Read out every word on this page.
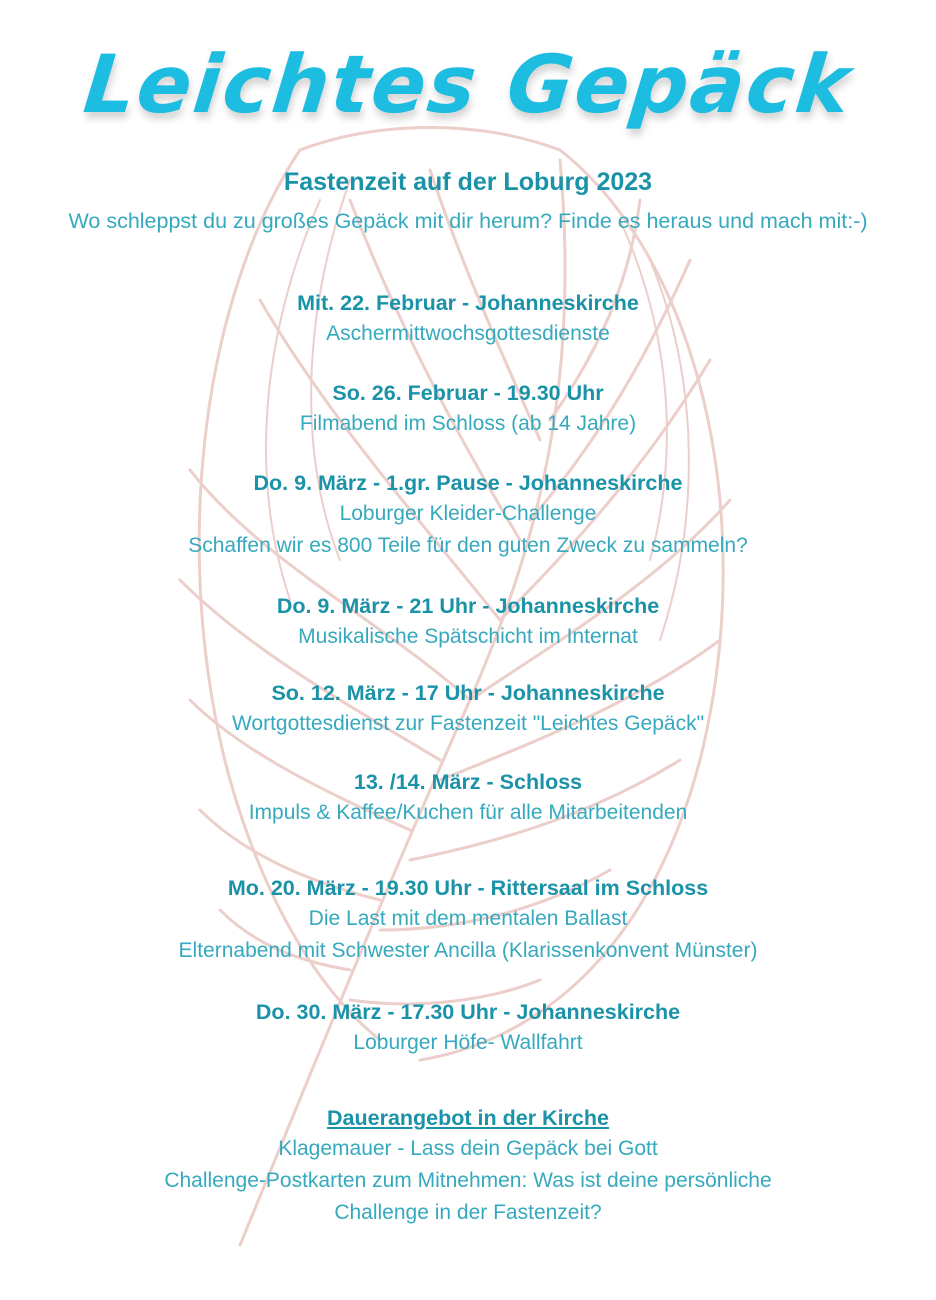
Leichtes Gepäck
Fastenzeit auf der Loburg 2023
Wo schleppst du zu großes Gepäck mit dir herum? Finde es heraus und mach mit:-)
Mit. 22. Februar - Johanneskirche
Aschermittwochsgottesdienste
So. 26. Februar - 19.30 Uhr
Filmabend im Schloss (ab 14 Jahre)
Do. 9. März - 1.gr. Pause - Johanneskirche
Loburger Kleider-Challenge
Schaffen wir es 800 Teile für den guten Zweck zu sammeln?
Do. 9. März - 21 Uhr - Johanneskirche
Musikalische Spätschicht im Internat
So. 12. März - 17 Uhr - Johanneskirche
Wortgottesdienst zur Fastenzeit "Leichtes Gepäck"
13. /14. März - Schloss
Impuls & Kaffee/Kuchen für alle Mitarbeitenden
Mo. 20. März - 19.30 Uhr - Rittersaal im Schloss
Die Last mit dem mentalen Ballast
Elternabend mit Schwester Ancilla (Klarissenkonvent Münster)
Do. 30. März - 17.30 Uhr - Johanneskirche
Loburger Höfe- Wallfahrt
Dauerangebot in der Kirche
Klagemauer - Lass dein Gepäck bei Gott
Challenge-Postkarten zum Mitnehmen: Was ist deine persönliche
Challenge in der Fastenzeit?
